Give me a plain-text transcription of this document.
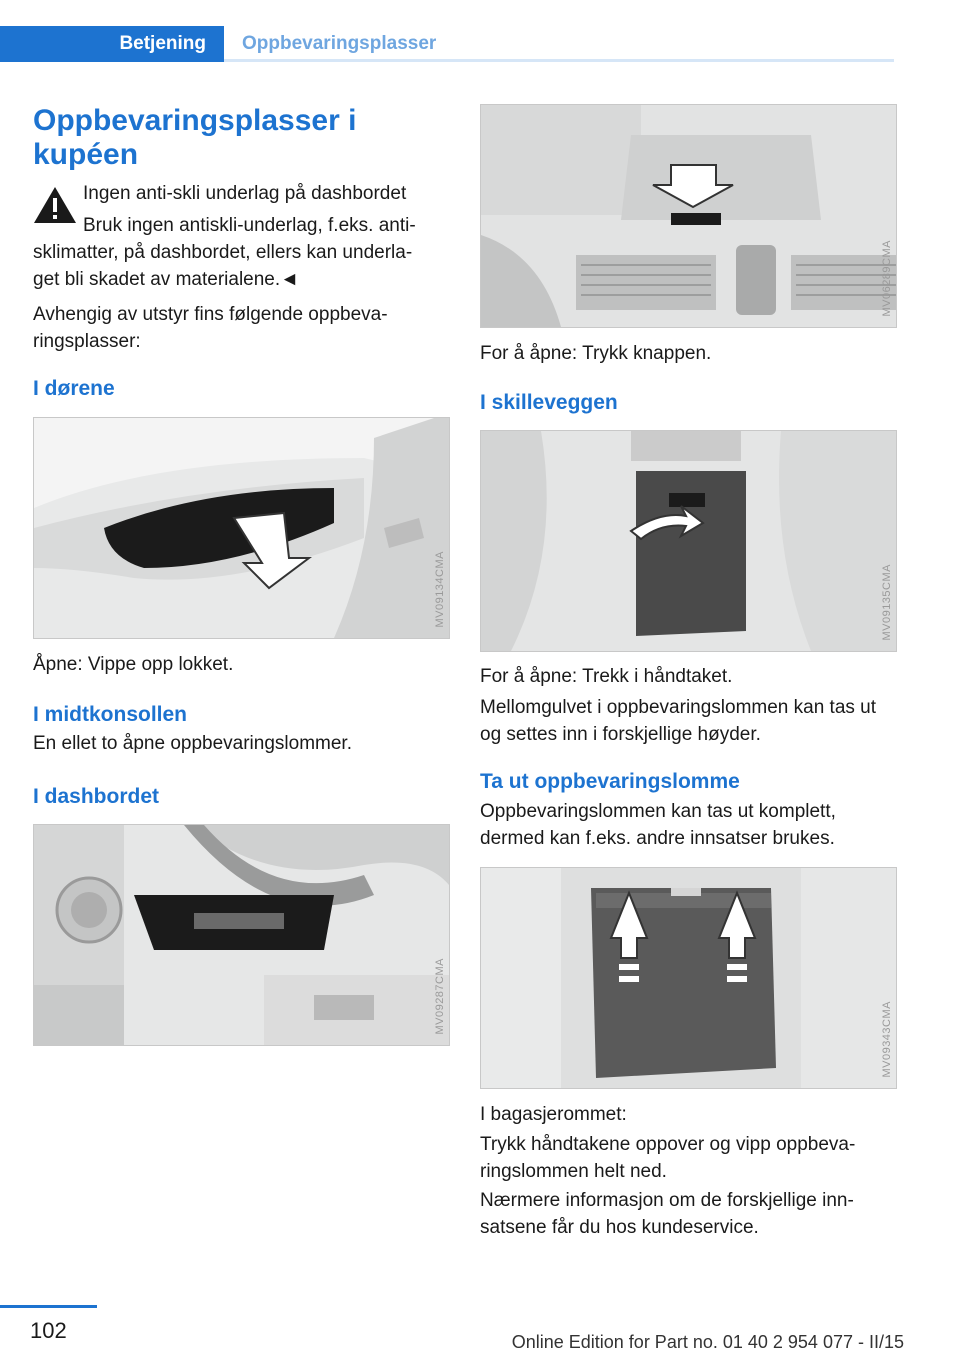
Betjening	Oppbevaringsplasser
Oppbevaringsplasser i kupéen

Ingen anti-skli underlag på dashbordet

Bruk ingen antiskli-underlag, f.eks. anti-

sklimatter, på dashbordet, ellers kan underla-get bli skadet av materialene.◄

Avhengig av utstyr fins følgende oppbeva-ringsplasser:

I dørene
MV09134CMA

Åpne: Vippe opp lokket.

I midtkonsollen

En ellet to åpne oppbevaringslommer.

I dashbordet
MV09287CMA
MV06289CMA

For å åpne: Trykk knappen.

I skilleveggen
MV09135CMA

For å åpne: Trekk i håndtaket.

Mellomgulvet i oppbevaringslommen kan tas ut og settes inn i forskjellige høyder.

Ta ut oppbevaringslomme

Oppbevaringslommen kan tas ut komplett, dermed kan f.eks. andre innsatser brukes.

MV09343CMA

I bagasjerommet:

Trykk håndtakene oppover og vipp oppbeva-ringslommen helt ned.

Nærmere informasjon om de forskjellige inn-satsene får du hos kundeservice.

102	Online Edition for Part no. 01 40 2 954 077 - II/15
